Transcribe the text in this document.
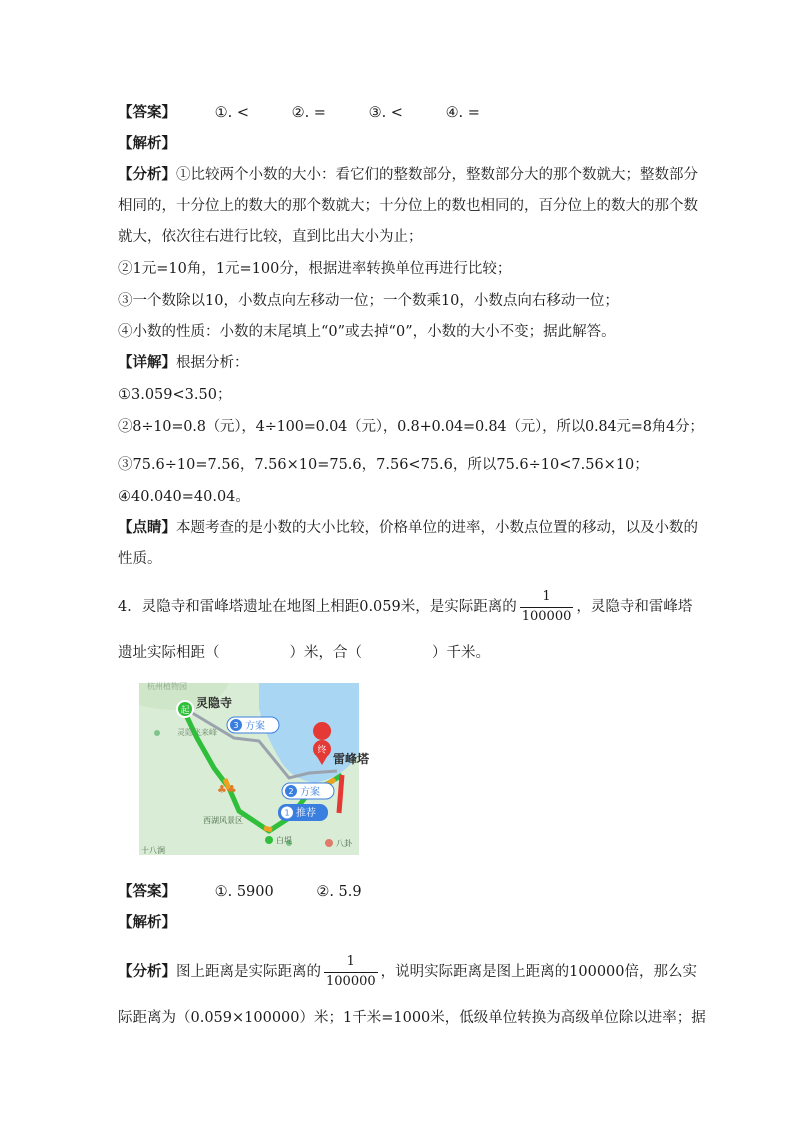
【答案】	①. <	②. =	③. <	④. =
【解析】
【分析】①比较两个小数的大小：看它们的整数部分，整数部分大的那个数就大；整数部分
相同的，十分位上的数大的那个数就大；十分位上的数也相同的，百分位上的数大的那个数
就大，依次往右进行比较，直到比出大小为止；
②1元=10角，1元=100分，根据进率转换单位再进行比较；
③一个数除以10，小数点向左移动一位；一个数乘10，小数点向右移动一位；
④小数的性质：小数的末尾填上“0”或去掉“0”，小数的大小不变；据此解答。
【详解】根据分析：
①3.059<3.50；
②8÷10=0.8（元），4÷100=0.04（元），0.8+0.04=0.84（元），所以0.84元=8角4分；
③75.6÷10=7.56，7.56×10=75.6，7.56<75.6，所以75.6÷10<7.56×10；
④40.040=40.04。
【点睛】本题考查的是小数的大小比较，价格单位的进率，小数点位置的移动，以及小数的
性质。
4．灵隐寺和雷峰塔遗址在地图上相距0.059米，是实际距离的 $\frac{1}{100000}$ ，灵隐寺和雷峰塔
遗址实际相距（	）米，合（	）千米。
起
灵隐寺
杭州植物园
灵隐飞来峰
3 方案
终
雷峰塔
2 方案
1 推荐
♣♣
西湖风景区
白堤
十八涧
八卦
【答案】	①. 5900	②. 5.9
【解析】
【分析】 图上距离是实际距离的 $\frac{1}{100000}$ ，说明实际距离是图上距离的100000倍，那么实
际距离为（0.059×100000）米；1千米=1000米，低级单位转换为高级单位除以进率；据
